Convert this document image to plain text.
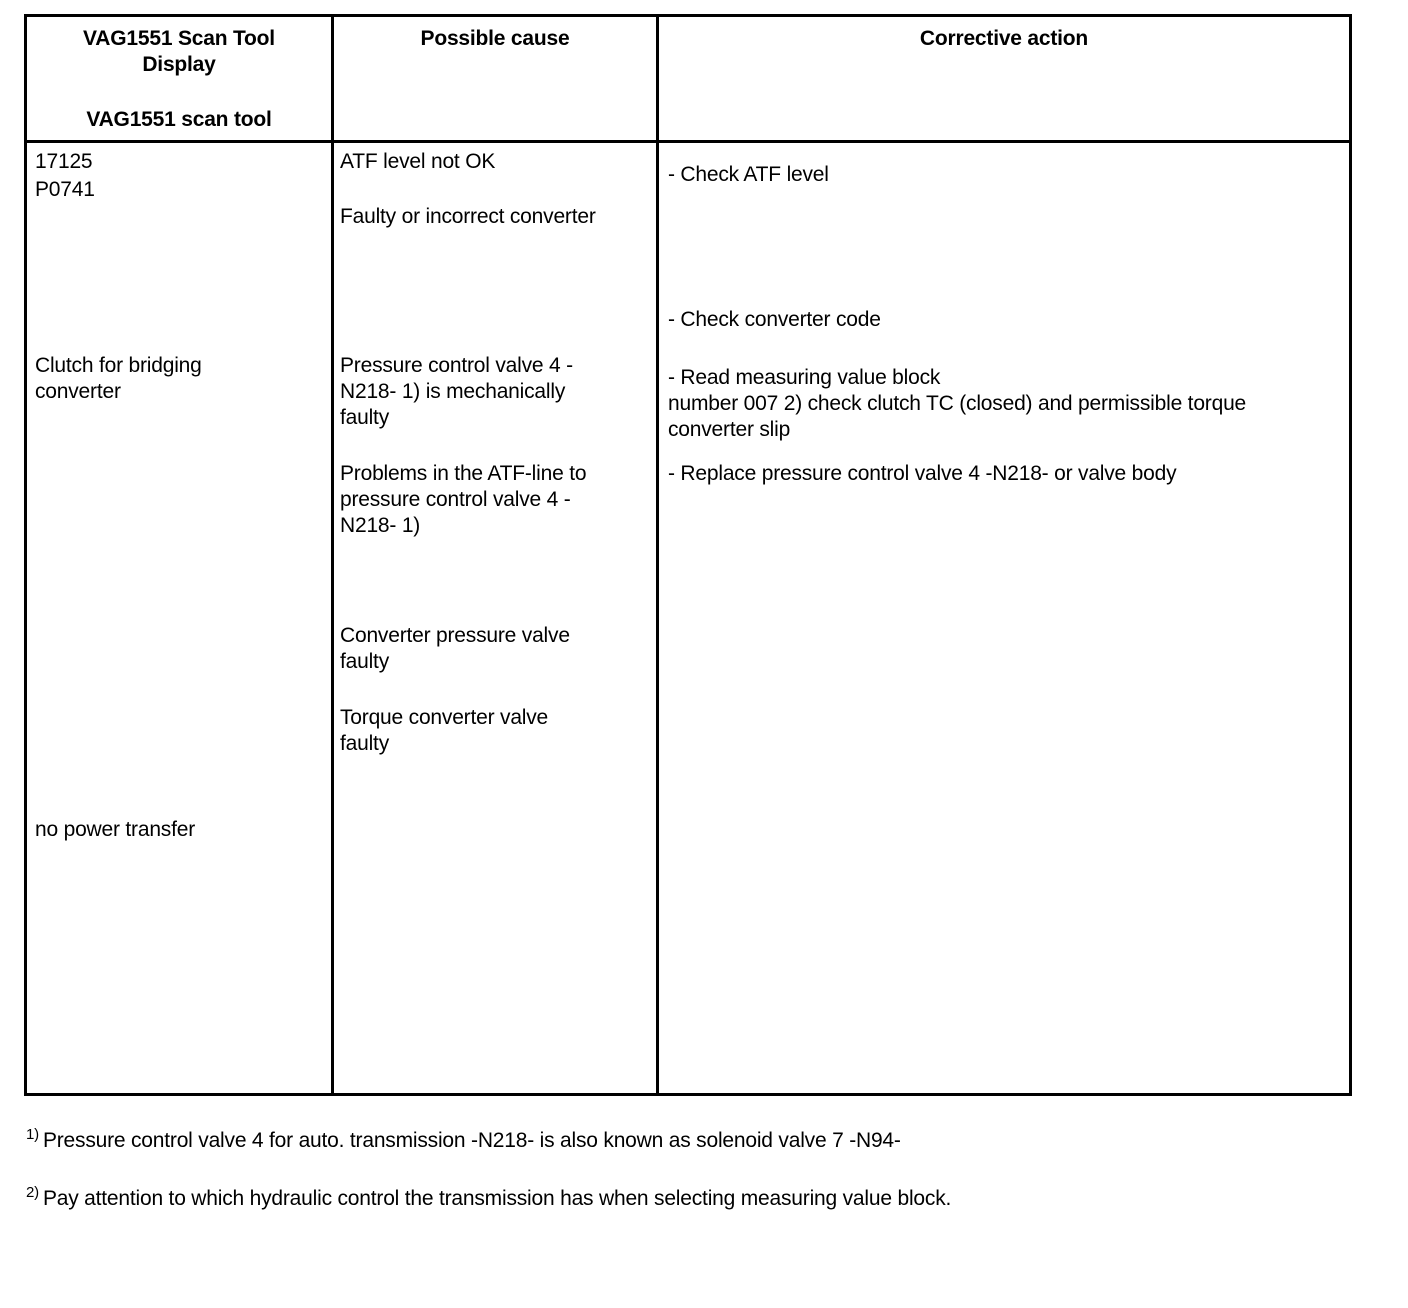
VAG1551 Scan Tool
Display
VAG1551 scan tool
Possible cause	Corrective action
17125
P0741
Clutch for bridging
converter
no power transfer
ATF level not OK
Faulty or incorrect converter
Pressure control valve 4 -
N218- 1) is mechanically
faulty
Problems in the ATF-line to
pressure control valve 4 -
N218- 1)
Converter pressure valve
faulty
Torque converter valve
faulty
- Check ATF level
- Check converter code
- Read measuring value block
number 007 2) check clutch TC (closed) and permissible torque
converter slip
- Replace pressure control valve 4 -N218- or valve body
$^{1)}$ Pressure control valve 4 for auto. transmission -N218- is also known as solenoid valve 7 -N94-
$^{2)}$ Pay attention to which hydraulic control the transmission has when selecting measuring value block.
